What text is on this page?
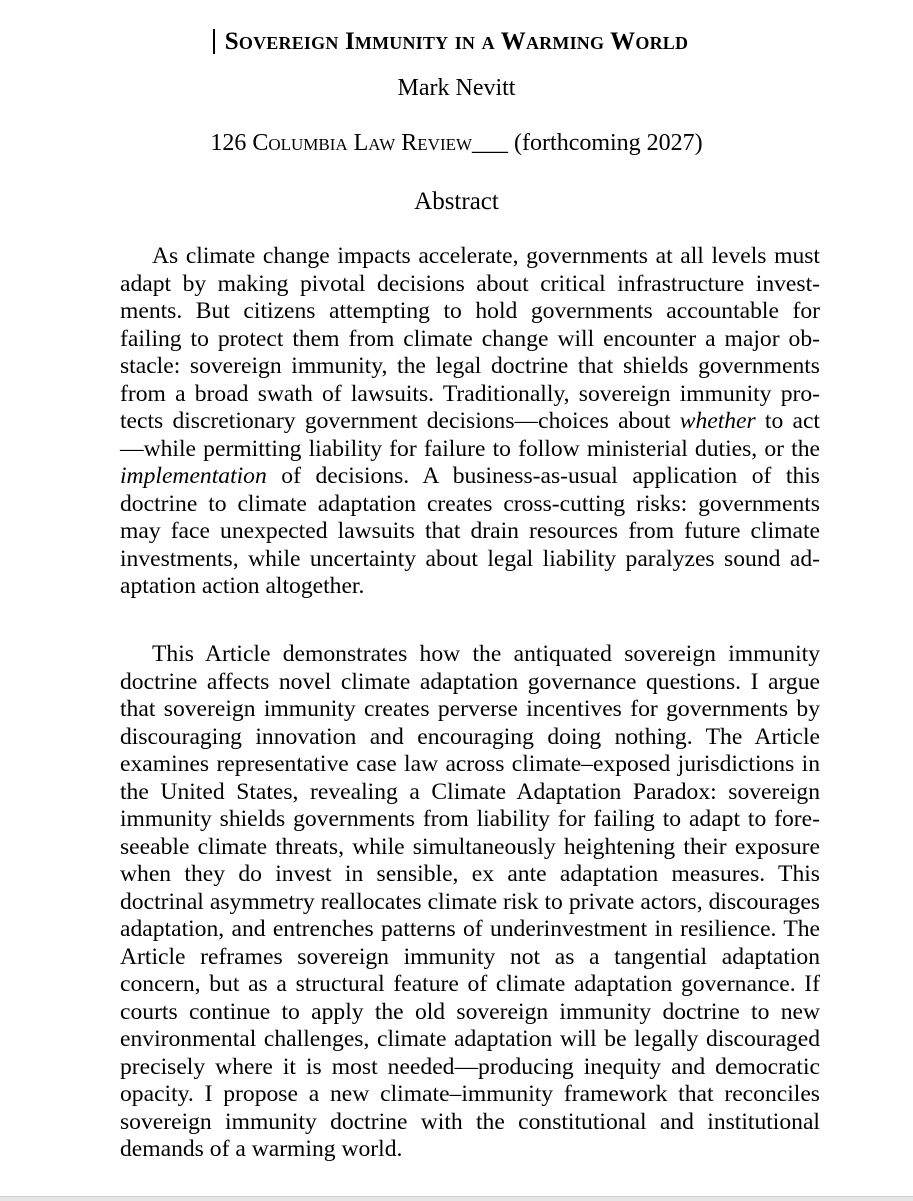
Sovereign Immunity in a Warming World
Mark Nevitt
126 Columbia Law Review___ (forthcoming 2027)
Abstract

As climate change impacts accelerate, governments at all levels must adapt by making pivotal decisions about critical infrastructure investments. But citizens attempting to hold governments accountable for failing to protect them from climate change will encounter a major obstacle: sovereign immunity, the legal doctrine that shields governments from a broad swath of lawsuits. Traditionally, sovereign immunity protects discretionary government decisions—choices about whether to act—while permitting liability for failure to follow ministerial duties, or the implementation of decisions. A business-as-usual application of this doctrine to climate adaptation creates cross-cutting risks: governments may face unexpected lawsuits that drain resources from future climate investments, while uncertainty about legal liability paralyzes sound adaptation action altogether.

This Article demonstrates how the antiquated sovereign immunity doctrine affects novel climate adaptation governance questions. I argue that sovereign immunity creates perverse incentives for governments by discouraging innovation and encouraging doing nothing. The Article examines representative case law across climate–exposed jurisdictions in the United States, revealing a Climate Adaptation Paradox: sovereign immunity shields governments from liability for failing to adapt to foreseeable climate threats, while simultaneously heightening their exposure when they do invest in sensible, ex ante adaptation measures. This doctrinal asymmetry reallocates climate risk to private actors, discourages adaptation, and entrenches patterns of underinvestment in resilience. The Article reframes sovereign immunity not as a tangential adaptation concern, but as a structural feature of climate adaptation governance. If courts continue to apply the old sovereign immunity doctrine to new environmental challenges, climate adaptation will be legally discouraged precisely where it is most needed—producing inequity and democratic opacity. I propose a new climate–immunity framework that reconciles sovereign immunity doctrine with the constitutional and institutional demands of a warming world.
